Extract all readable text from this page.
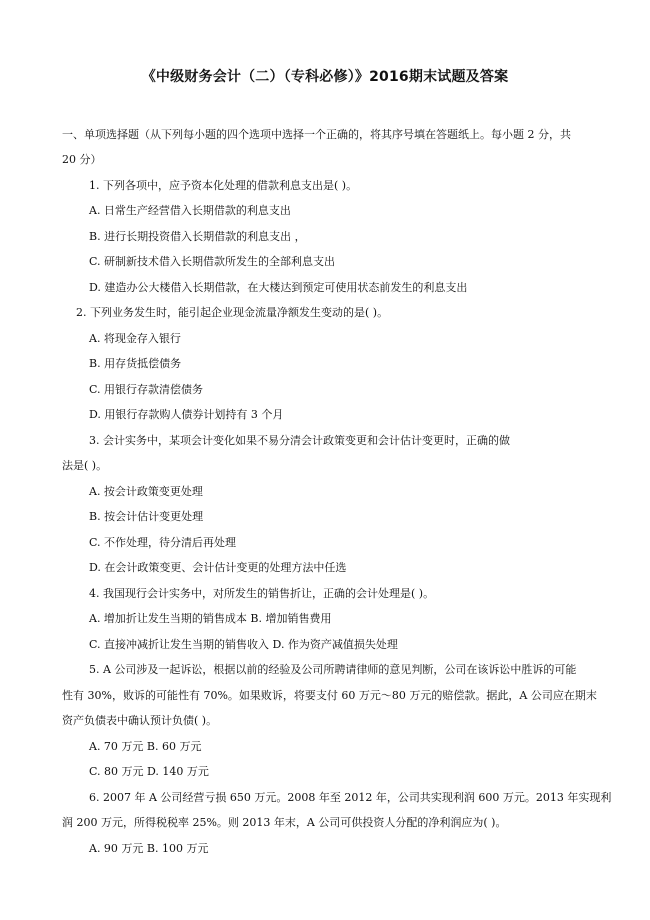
《中级财务会计（二）（专科必修）》2016期末试题及答案
一、单项选择题（从下列每小题的四个选项中选择一个正确的，将其序号填在答题纸上。每小题 2 分，共
20 分）
1. 下列各项中，应予资本化处理的借款利息支出是( )。
A. 日常生产经营借入长期借款的利息支出
B. 进行长期投资借入长期借款的利息支出 ，
C. 研制新技术借入长期借款所发生的全部利息支出
D. 建造办公大楼借入长期借款，在大楼达到预定可使用状态前发生的利息支出
2. 下列业务发生时，能引起企业现金流量净额发生变动的是( )。
A. 将现金存入银行
B. 用存货抵偿债务
C. 用银行存款清偿债务
D. 用银行存款购人债券计划持有 3 个月
3. 会计实务中，某项会计变化如果不易分清会计政策变更和会计估计变更时，正确的做
法是( )。
A. 按会计政策变更处理
B. 按会计估计变更处理
C. 不作处理，待分清后再处理
D. 在会计政策变更、会计估计变更的处理方法中任选
4. 我国现行会计实务中，对所发生的销售折让，正确的会计处理是( )。
A. 增加折让发生当期的销售成本 B. 增加销售费用
C. 直接冲减折让发生当期的销售收入 D. 作为资产减值损失处理
5. A 公司涉及一起诉讼，根据以前的经验及公司所聘请律师的意见判断，公司在该诉讼中胜诉的可能
性有 30%，败诉的可能性有 70%。如果败诉，将要支付 60 万元～80 万元的赔偿款。据此，A 公司应在期末
资产负债表中确认预计负债( )。
A. 70 万元 B. 60 万元
C. 80 万元 D. 140 万元
6. 2007 年 A 公司经营亏损 650 万元。2008 年至 2012 年，公司共实现利润 600 万元。2013 年实现利
润 200 万元，所得税税率 25%。则 2013 年末，A 公司可供投资人分配的净利润应为( )。
A. 90 万元 B. 100 万元
